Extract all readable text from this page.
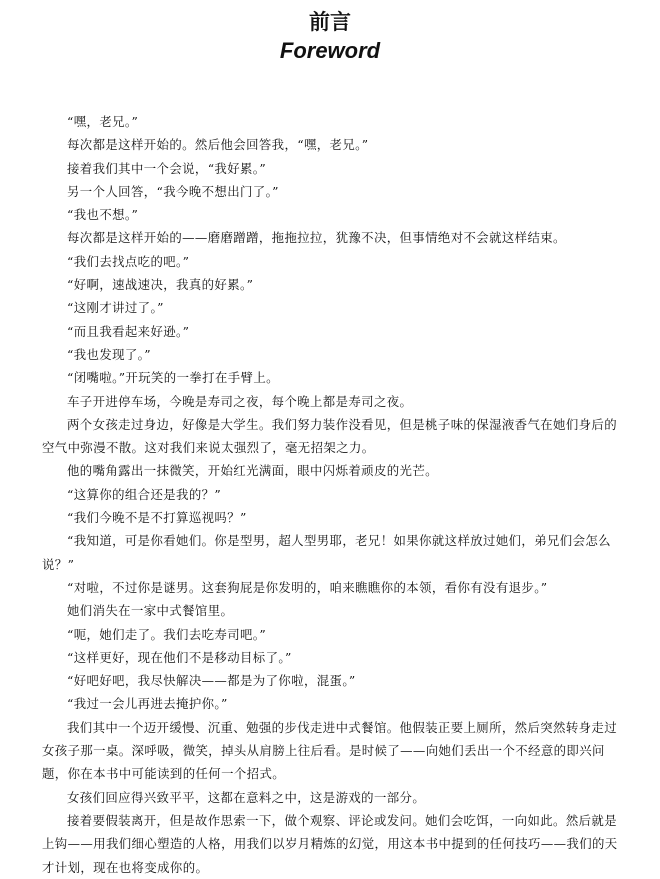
前言
Foreword

“嘿，老兄。”

每次都是这样开始的。然后他会回答我，“嘿，老兄。”

接着我们其中一个会说，“我好累。”

另一个人回答，“我今晚不想出门了。”

“我也不想。”

每次都是这样开始的——磨磨蹭蹭，拖拖拉拉，犹豫不决，但事情绝对不会就这样结束。

“我们去找点吃的吧。”

“好啊，速战速决，我真的好累。”

“这刚才讲过了。”

“而且我看起来好逊。”

“我也发现了。”

“闭嘴啦。”开玩笑的一拳打在手臂上。

车子开进停车场，今晚是寿司之夜，每个晚上都是寿司之夜。

两个女孩走过身边，好像是大学生。我们努力装作没看见，但是桃子味的保湿液香气在她们身后的空气中弥漫不散。这对我们来说太强烈了，毫无招架之力。

他的嘴角露出一抹微笑，开始红光满面，眼中闪烁着顽皮的光芒。

“这算你的组合还是我的？”

“我们今晚不是不打算巡视吗？”

“我知道，可是你看她们。你是型男，超人型男耶，老兄！如果你就这样放过她们，弟兄们会怎么说？”

“对啦，不过你是谜男。这套狗屁是你发明的，咱来瞧瞧你的本领，看你有没有退步。”

她们消失在一家中式餐馆里。

“呃，她们走了。我们去吃寿司吧。”

“这样更好，现在他们不是移动目标了。”

“好吧好吧，我尽快解决——都是为了你啦，混蛋。”

“我过一会儿再进去掩护你。”

我们其中一个迈开缓慢、沉重、勉强的步伐走进中式餐馆。他假装正要上厕所，然后突然转身走过女孩子那一桌。深呼吸，微笑，掉头从肩膀上往后看。是时候了——向她们丢出一个不经意的即兴问题，你在本书中可能读到的任何一个招式。

女孩们回应得兴致平平，这都在意料之中，这是游戏的一部分。

接着要假装离开，但是故作思索一下，做个观察、评论或发问。她们会吃饵，一向如此。然后就是上钩——用我们细心塑造的人格，用我们以岁月精炼的幻觉，用这本书中提到的任何技巧——我们的天才计划，现在也将变成你的。
